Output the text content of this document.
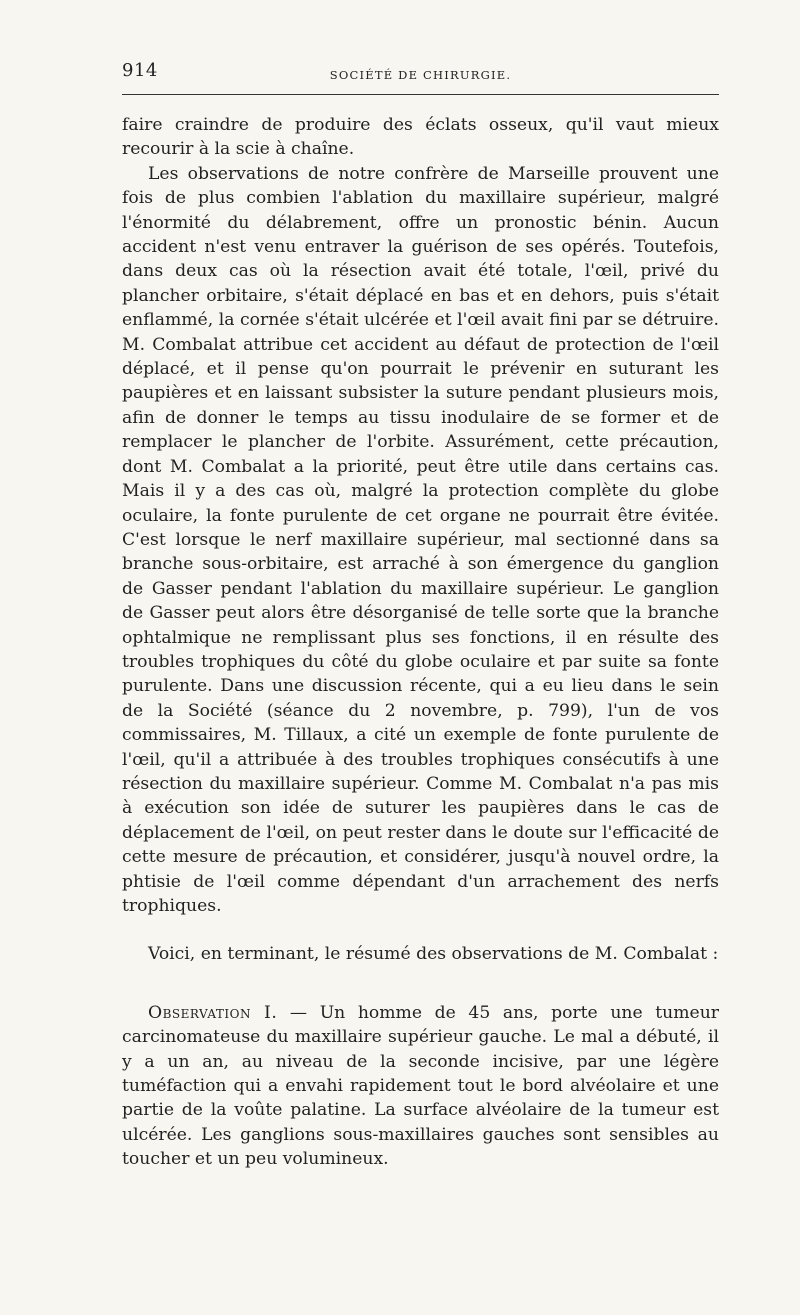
914	SOCIÉTÉ DE CHIRURGIE.

faire craindre de produire des éclats osseux, qu'il vaut mieux recourir à la scie à chaîne.

Les observations de notre confrère de Marseille prouvent une fois de plus combien l'ablation du maxillaire supérieur, malgré l'énormité du délabrement, offre un pronostic bénin. Aucun accident n'est venu entraver la guérison de ses opérés. Toutefois, dans deux cas où la résection avait été totale, l'œil, privé du plancher orbitaire, s'était déplacé en bas et en dehors, puis s'était enflammé, la cornée s'était ulcérée et l'œil avait fini par se détruire. M. Combalat attribue cet accident au défaut de protection de l'œil déplacé, et il pense qu'on pourrait le prévenir en suturant les paupières et en laissant subsister la suture pendant plusieurs mois, afin de donner le temps au tissu inodulaire de se former et de remplacer le plancher de l'orbite. Assurément, cette précaution, dont M. Combalat a la priorité, peut être utile dans certains cas. Mais il y a des cas où, malgré la protection complète du globe oculaire, la fonte purulente de cet organe ne pourrait être évitée. C'est lorsque le nerf maxillaire supérieur, mal sectionné dans sa branche sous-orbitaire, est arraché à son émergence du ganglion de Gasser pendant l'ablation du maxillaire supérieur. Le ganglion de Gasser peut alors être désorganisé de telle sorte que la branche ophtalmique ne remplissant plus ses fonctions, il en résulte des troubles trophiques du côté du globe oculaire et par suite sa fonte purulente. Dans une discussion récente, qui a eu lieu dans le sein de la Société (séance du 2 novembre, p. 799), l'un de vos commissaires, M. Tillaux, a cité un exemple de fonte purulente de l'œil, qu'il a attribuée à des troubles trophiques consécutifs à une résection du maxillaire supérieur. Comme M. Combalat n'a pas mis à exécution son idée de suturer les paupières dans le cas de déplacement de l'œil, on peut rester dans le doute sur l'efficacité de cette mesure de précaution, et considérer, jusqu'à nouvel ordre, la phtisie de l'œil comme dépendant d'un arrachement des nerfs trophiques.

Voici, en terminant, le résumé des observations de M. Combalat :

Observation I. — Un homme de 45 ans, porte une tumeur carcinomateuse du maxillaire supérieur gauche. Le mal a débuté, il y a un an, au niveau de la seconde incisive, par une légère tuméfaction qui a envahi rapidement tout le bord alvéolaire et une partie de la voûte palatine. La surface alvéolaire de la tumeur est ulcérée. Les ganglions sous-maxillaires gauches sont sensibles au toucher et un peu volumineux.
